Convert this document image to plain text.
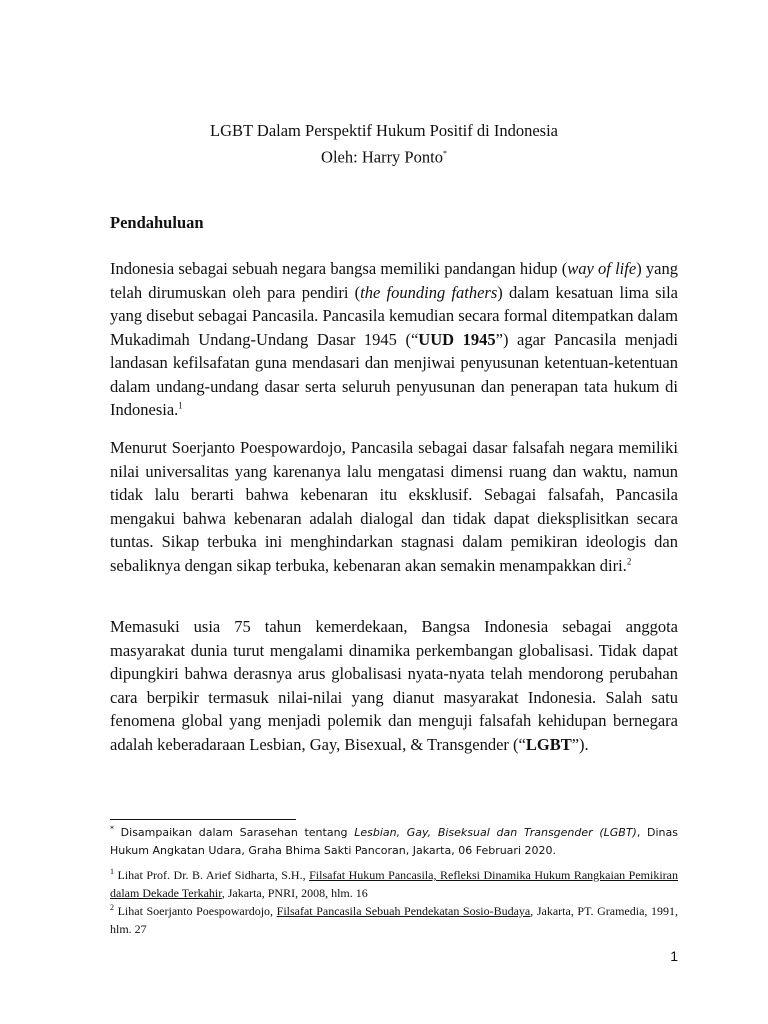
LGBT Dalam Perspektif Hukum Positif di Indonesia
Oleh: Harry Ponto*
Pendahuluan
Indonesia sebagai sebuah negara bangsa memiliki pandangan hidup (way of life) yang telah dirumuskan oleh para pendiri (the founding fathers) dalam kesatuan lima sila yang disebut sebagai Pancasila. Pancasila kemudian secara formal ditempatkan dalam Mukadimah Undang-Undang Dasar 1945 (“UUD 1945”) agar Pancasila menjadi landasan kefilsafatan guna mendasari dan menjiwai penyusunan ketentuan-ketentuan dalam undang-undang dasar serta seluruh penyusunan dan penerapan tata hukum di Indonesia.$^1$
Menurut Soerjanto Poespowardojo, Pancasila sebagai dasar falsafah negara memiliki nilai universalitas yang karenanya lalu mengatasi dimensi ruang dan waktu, namun tidak lalu berarti bahwa kebenaran itu eksklusif. Sebagai falsafah, Pancasila mengakui bahwa kebenaran adalah dialogal dan tidak dapat dieksplisitkan secara tuntas. Sikap terbuka ini menghindarkan stagnasi dalam pemikiran ideologis dan sebaliknya dengan sikap terbuka, kebenaran akan semakin menampakkan diri.$^2$
Memasuki usia 75 tahun kemerdekaan, Bangsa Indonesia sebagai anggota masyarakat dunia turut mengalami dinamika perkembangan globalisasi. Tidak dapat dipungkiri bahwa derasnya arus globalisasi nyata-nyata telah mendorong perubahan cara berpikir termasuk nilai-nilai yang dianut masyarakat Indonesia. Salah satu fenomena global yang menjadi polemik dan menguji falsafah kehidupan bernegara adalah keberadaraan Lesbian, Gay, Bisexual, & Transgender (“LGBT”).
* Disampaikan dalam Sarasehan tentang Lesbian, Gay, Biseksual dan Transgender (LGBT), Dinas Hukum Angkatan Udara, Graha Bhima Sakti Pancoran, Jakarta, 06 Februari 2020.
$^1$ Lihat Prof. Dr. B. Arief Sidharta, S.H., Filsafat Hukum Pancasila, Refleksi Dinamika Hukum Rangkaian Pemikiran dalam Dekade Terkahir, Jakarta, PNRI, 2008, hlm. 16
$^2$ Lihat Soerjanto Poespowardojo, Filsafat Pancasila Sebuah Pendekatan Sosio-Budaya, Jakarta, PT. Gramedia, 1991, hlm. 27
1
